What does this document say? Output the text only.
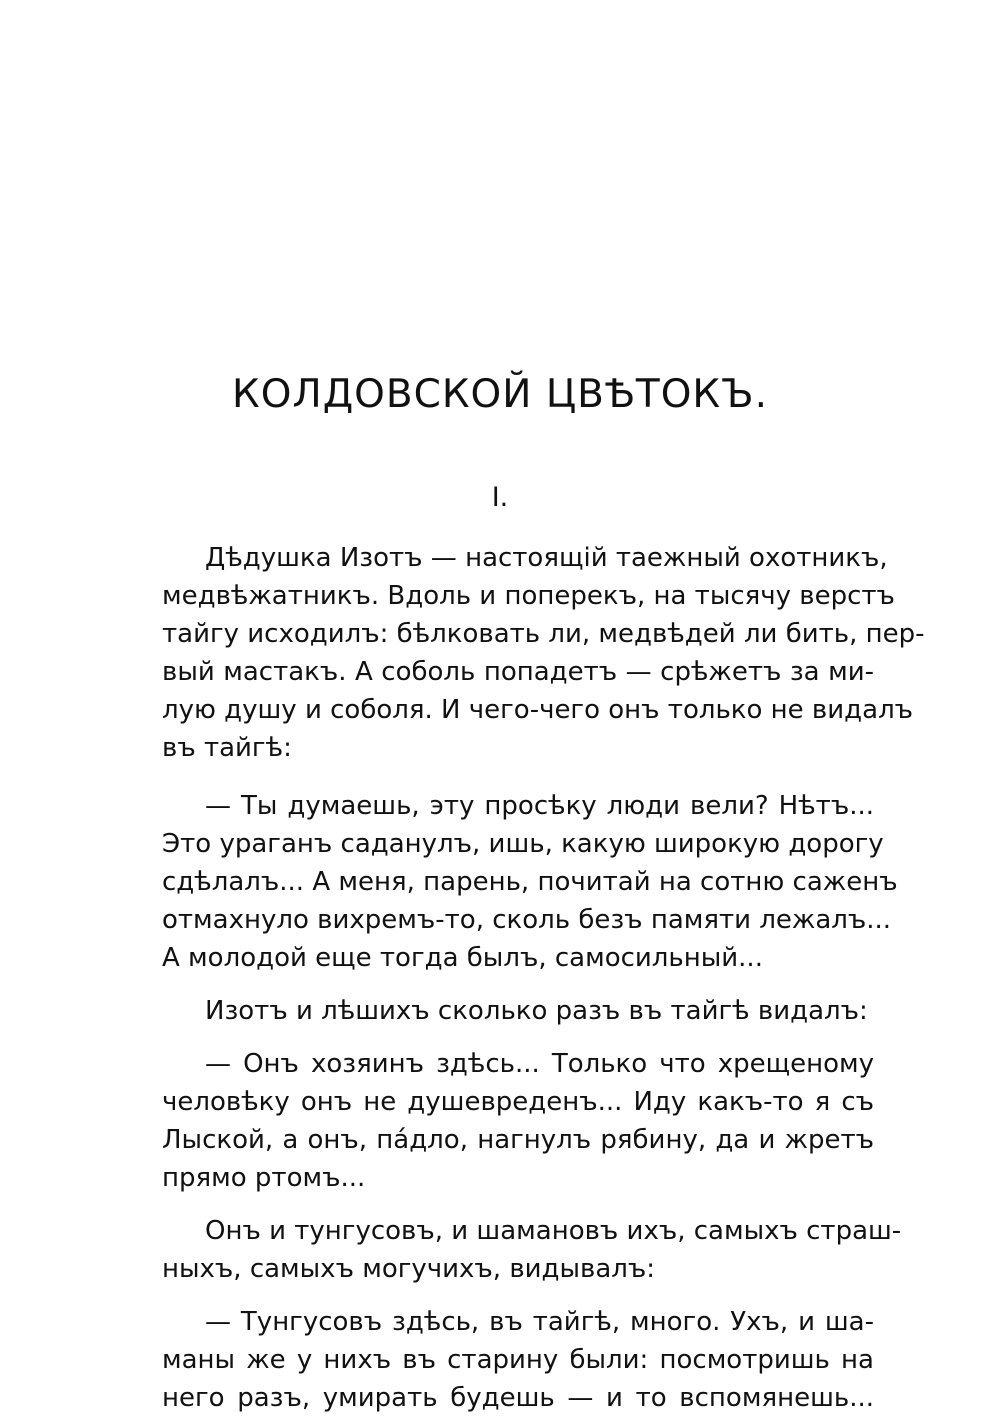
КОЛДОВСКОЙ ЦВѢТОКЪ.
I.
Дѣдушка Изотъ — настоящій таежный охотникъ,
медвѣжатникъ. Вдоль и поперекъ, на тысячу верстъ
тайгу исходилъ: бѣлковать ли, медвѣдей ли бить, пер-
вый мастакъ. А соболь попадетъ — срѣжетъ за ми-
лую душу и соболя. И чего-чего онъ только не видалъ
въ тайгѣ:
— Ты думаешь, эту просѣку люди вели? Нѣтъ...
Это ураганъ саданулъ, ишь, какую широкую дорогу
сдѣлалъ... А меня, парень, почитай на сотню саженъ
отмахнуло вихремъ-то, сколь безъ памяти лежалъ...
А молодой еще тогда былъ, самосильный...
Изотъ и лѣшихъ сколько разъ въ тайгѣ видалъ:
— Онъ хозяинъ здѣсь... Только что хрещеному
человѣку онъ не душевреденъ... Иду какъ-то я съ
Лыской, а онъ, пáдло, нагнулъ рябину, да и жретъ
прямо ртомъ...
Онъ и тунгусовъ, и шамановъ ихъ, самыхъ страш-
ныхъ, самыхъ могучихъ, видывалъ:
— Тунгусовъ здѣсь, въ тайгѣ, много. Ухъ, и ша-
маны же у нихъ въ старину были: посмотришь на
него разъ, умирать будешь — и то вспомянешь...
